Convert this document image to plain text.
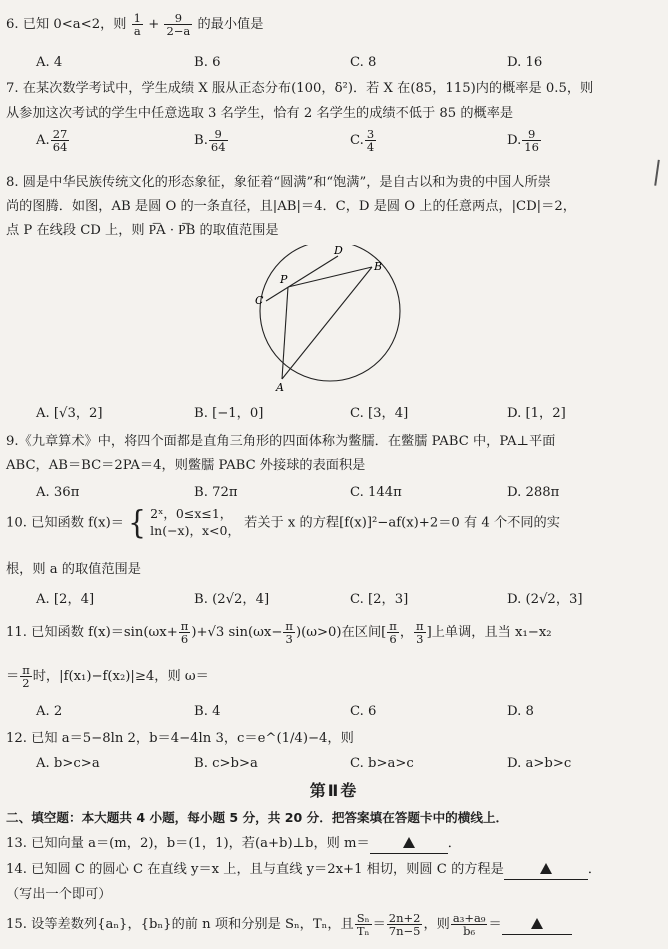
6. 已知 0<a<2，则 $\frac{1}{a} + \frac{9}{2-a}$ 的最小值是
A. 4	B. 6	C. 8	D. 16
7. 在某次数学考试中，学生成绩 X 服从正态分布(100，δ²)．若 X 在(85，115)内的概率是 0.5，则
从参加这次考试的学生中任意选取 3 名学生，恰有 2 名学生的成绩不低于 85 的概率是
A. $\frac{27}{64}$	B. $\frac{9}{64}$	C. $\frac{3}{4}$	D. $\frac{9}{16}$
8. 圆是中华民族传统文化的形态象征，象征着“圆满”和“饱满”，是自古以和为贵的中国人所崇
尚的图腾．如图，AB 是圆 O 的一条直径，且|AB|＝4．C，D 是圆 O 上的任意两点，|CD|＝2，
点 P 在线段 CD 上，则 P͞A · P͞B 的取值范围是
A
B
C
D
P
A. [√3，2]	B. [−1，0]	C. [3，4]	D. [1，2]
9.《九章算术》中，将四个面都是直角三角形的四面体称为鳖臑．在鳖臑 PABC 中，PA⊥平面
ABC，AB＝BC＝2PA＝4，则鳖臑 PABC 外接球的表面积是
A. 36π	B. 72π	C. 144π	D. 288π
10. 已知函数 f(x)＝ { 2ˣ，0≤x≤1，
ln(−x)，x<0， 若关于 x 的方程[f(x)]²−af(x)+2＝0 有 4 个不同的实
根，则 a 的取值范围是
A. [2，4]	B. (2√2，4]	C. [2，3]	D. (2√2，3]
11. 已知函数 $f(x)=\sin(\omega x+ \frac{\pi}{6} )+√3$ $\sin(\omega x- \frac{\pi}{3} )(\omega>0)$在区间[ $\frac{\pi}{6}$ ， $\frac{\pi}{3}$ ]上单调，且当 x₁−x₂
＝ $\frac{\pi}{2}$ 时，|f(x₁)−f(x₂)|≥4，则 ω＝
A. 2	B. 4	C. 6	D. 8
12. 已知 a＝5−8ln 2，b＝4−4ln 3，c＝e^(1/4)−4，则
A. b>c>a	B. c>b>a	C. b>a>c	D. a>b>c
第Ⅱ卷
二、填空题：本大题共 4 小题，每小题 5 分，共 20 分．把答案填在答题卡中的横线上．
13. 已知向量 a＝(m，2)，b＝(1，1)，若(a+b)⊥b，则 m＝	．
14. 已知圆 C 的圆心 C 在直线 y＝x 上，且与直线 y＝2x+1 相切，则圆 C 的方程是	．
（写出一个即可）
15. 设等差数列{aₙ}，{bₙ}的前 n 项和分别是 Sₙ，Tₙ，且 $\frac{\text{Sₙ}}{\text{Tₙ}} = \frac{2n+2}{7n-5}$ ，则 $\frac{\text{a₃+a₉}}{\text{b₆}}$ ＝
